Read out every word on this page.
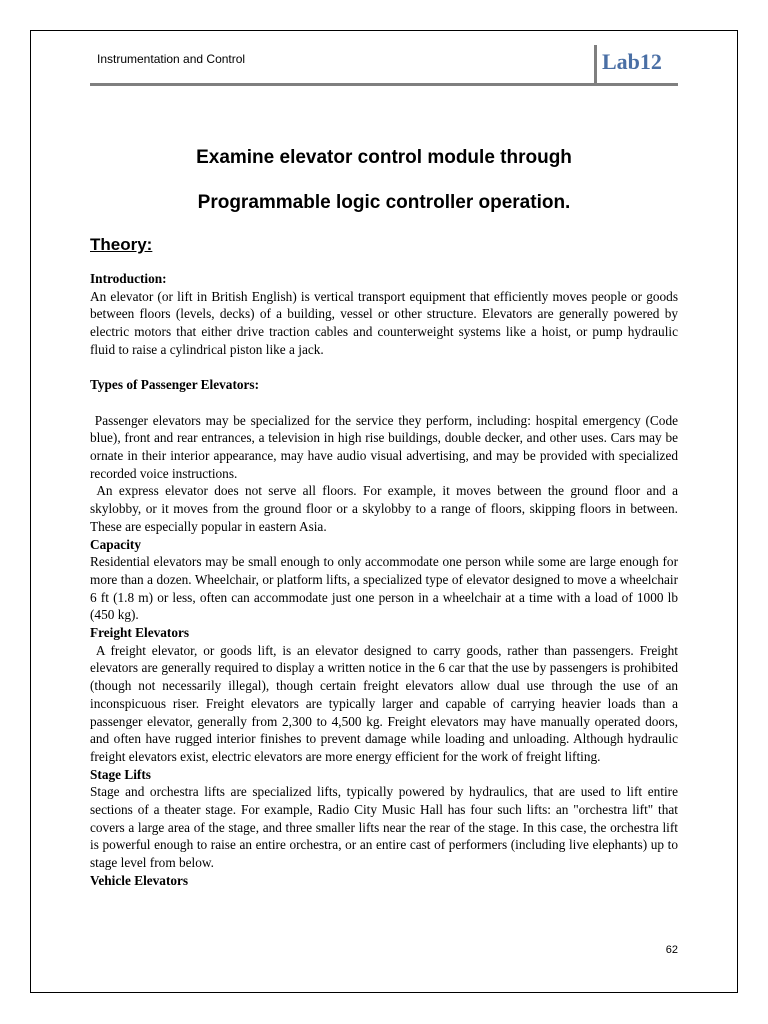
Instrumentation and Control	Lab12
Examine elevator control module through
Programmable logic controller operation.
Theory:

Introduction:

An elevator (or lift in British English) is vertical transport equipment that efficiently moves people or goods between floors (levels, decks) of a building, vessel or other structure. Elevators are generally powered by electric motors that either drive traction cables and counterweight systems like a hoist, or pump hydraulic fluid to raise a cylindrical piston like a jack.

Types of Passenger Elevators:

Passenger elevators may be specialized for the service they perform, including: hospital emergency (Code blue), front and rear entrances, a television in high rise buildings, double decker, and other uses. Cars may be ornate in their interior appearance, may have audio visual advertising, and may be provided with specialized recorded voice instructions.

An express elevator does not serve all floors. For example, it moves between the ground floor and a skylobby, or it moves from the ground floor or a skylobby to a range of floors, skipping floors in between. These are especially popular in eastern Asia.

Capacity

Residential elevators may be small enough to only accommodate one person while some are large enough for more than a dozen. Wheelchair, or platform lifts, a specialized type of elevator designed to move a wheelchair 6 ft (1.8 m) or less, often can accommodate just one person in a wheelchair at a time with a load of 1000 lb (450 kg).

Freight Elevators

A freight elevator, or goods lift, is an elevator designed to carry goods, rather than passengers. Freight elevators are generally required to display a written notice in the 6 car that the use by passengers is prohibited (though not necessarily illegal), though certain freight elevators allow dual use through the use of an inconspicuous riser. Freight elevators are typically larger and capable of carrying heavier loads than a passenger elevator, generally from 2,300 to 4,500 kg. Freight elevators may have manually operated doors, and often have rugged interior finishes to prevent damage while loading and unloading. Although hydraulic freight elevators exist, electric elevators are more energy efficient for the work of freight lifting.

Stage Lifts

Stage and orchestra lifts are specialized lifts, typically powered by hydraulics, that are used to lift entire sections of a theater stage. For example, Radio City Music Hall has four such lifts: an "orchestra lift" that covers a large area of the stage, and three smaller lifts near the rear of the stage. In this case, the orchestra lift is powerful enough to raise an entire orchestra, or an entire cast of performers (including live elephants) up to stage level from below.

Vehicle Elevators

62
